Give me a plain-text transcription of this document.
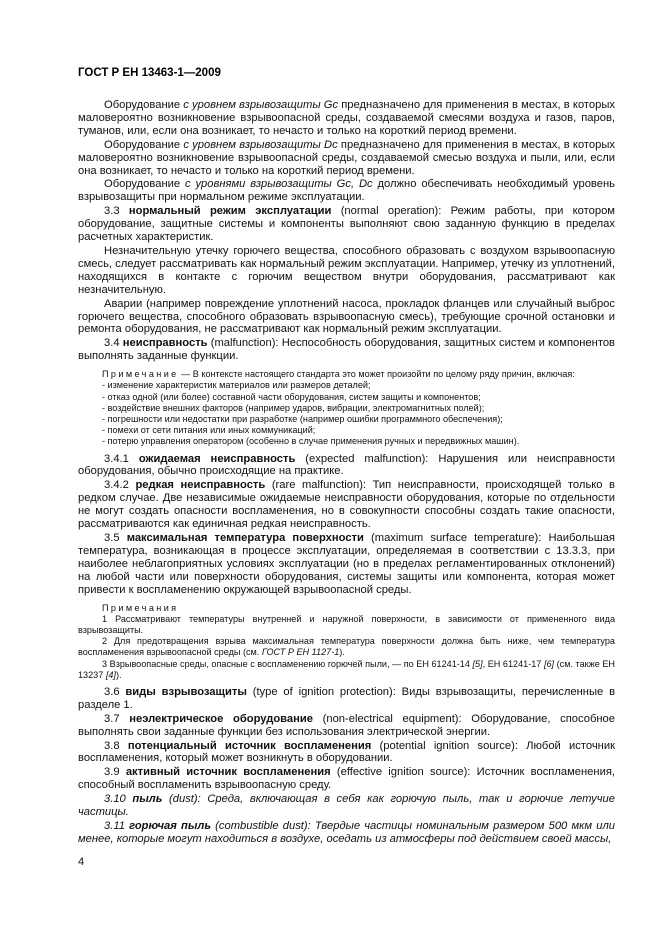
ГОСТ Р ЕН 13463-1—2009

Оборудование с уровнем взрывозащиты Gc предназначено для применения в местах, в которых маловероятно возникновение взрывоопасной среды, создаваемой смесями воздуха и газов, паров, туманов, или, если она возникает, то нечасто и только на короткий период времени.

Оборудование с уровнем взрывозащиты Dc предназначено для применения в местах, в которых маловероятно возникновение взрывоопасной среды, создаваемой смесью воздуха и пыли, или, если она возникает, то нечасто и только на короткий период времени.

Оборудование с уровнями взрывозащиты Gc, Dc должно обеспечивать необходимый уровень взрывозащиты при нормальном режиме эксплуатации.

3.3 нормальный режим эксплуатации (normal operation): Режим работы, при котором оборудование, защитные системы и компоненты выполняют свою заданную функцию в пределах расчетных характеристик.

Незначительную утечку горючего вещества, способного образовать с воздухом взрывоопасную смесь, следует рассматривать как нормальный режим эксплуатации. Например, утечку из уплотнений, находящихся в контакте с горючим веществом внутри оборудования, рассматривают как незначительную.

Аварии (например повреждение уплотнений насоса, прокладок фланцев или случайный выброс горючего вещества, способного образовать взрывоопасную смесь), требующие срочной остановки и ремонта оборудования, не рассматривают как нормальный режим эксплуатации.

3.4 неисправность (malfunction): Неспособность оборудования, защитных систем и компонентов выполнять заданные функции.

Примечание — В контексте настоящего стандарта это может произойти по целому ряду причин, включая:

- изменение характеристик материалов или размеров деталей;

- отказ одной (или более) составной части оборудования, систем защиты и компонентов;

- воздействие внешних факторов (например ударов, вибрации, электромагнитных полей);

- погрешности или недостатки при разработке (например ошибки программного обеспечения);

- помехи от сети питания или иных коммуникаций;

- потерю управления оператором (особенно в случае применения ручных и передвижных машин).

3.4.1 ожидаемая неисправность (expected malfunction): Нарушения или неисправности оборудования, обычно происходящие на практике.

3.4.2 редкая неисправность (rare malfunction): Тип неисправности, происходящей только в редком случае. Две независимые ожидаемые неисправности оборудования, которые по отдельности не могут создать опасности воспламенения, но в совокупности способны создать такие опасности, рассматриваются как единичная редкая неисправность.

3.5 максимальная температура поверхности (maximum surface temperature): Наибольшая температура, возникающая в процессе эксплуатации, определяемая в соответствии с 13.3.3, при наиболее неблагоприятных условиях эксплуатации (но в пределах регламентированных отклонений) на любой части или поверхности оборудования, системы защиты или компонента, которая может привести к воспламенению окружающей взрывоопасной среды.

Примечания

1 Рассматривают температуры внутренней и наружной поверхности, в зависимости от примененного вида взрывозащиты.

2 Для предотвращения взрыва максимальная температура поверхности должна быть ниже, чем температура воспламенения взрывоопасной среды (см. ГОСТ Р ЕН 1127-1).

3 Взрывоопасные среды, опасные с воспламенению горючей пыли, — по ЕН 61241-14 [5], ЕН 61241-17 [6] (см. также ЕН 13237 [4]).

3.6 виды взрывозащиты (type of ignition protection): Виды взрывозащиты, перечисленные в разделе 1.

3.7 неэлектрическое оборудование (non-electrical equipment): Оборудование, способное выполнять свои заданные функции без использования электрической энергии.

3.8 потенциальный источник воспламенения (potential ignition source): Любой источник воспламенения, который может возникнуть в оборудовании.

3.9 активный источник воспламенения (effective ignition source): Источник воспламенения, способный воспламенить взрывоопасную среду.

3.10 пыль (dust): Среда, включающая в себя как горючую пыль, так и горючие летучие частицы.

3.11 горючая пыль (combustible dust): Твердые частицы номинальным размером 500 мкм или менее, которые могут находиться в воздухе, оседать из атмосферы под действием своей массы,

4
